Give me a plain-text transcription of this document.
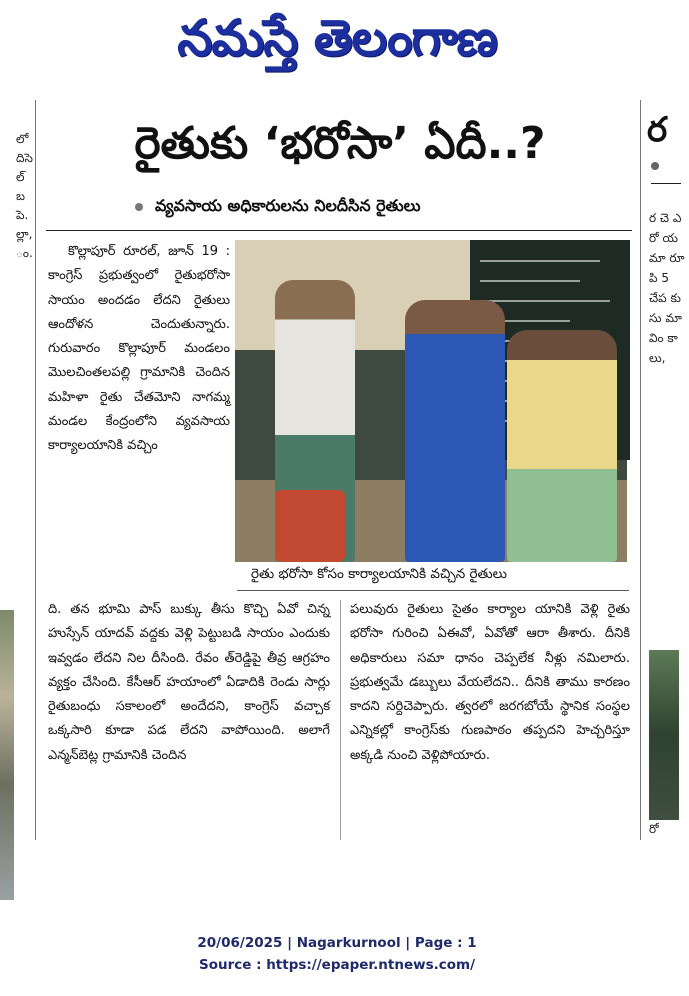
నమస్తే తెలంగాణ
లో దిసె ల్ బ పె. ల్లా, ం.
ర
ర చె ఎ రో య మా రూ పి 5 చేప కు సు మా విం కా లు,
రో
రైతుకు ‘భరోసా’ ఏదీ..?
వ్యవసాయ అధికారులను నిలదీసిన రైతులు

కొల్లాపూర్ రూరల్, జూన్ 19 : కాంగ్రెస్ ప్రభుత్వంలో రైతుభరోసా సాయం అందడం లేదని రైతులు ఆందోళన చెందుతున్నారు. గురువారం కొల్లాపూర్ మండలం మొలచింతలపల్లి గ్రామానికి చెందిన మహిళా రైతు చేతమోని నాగమ్మ మండల కేంద్రంలోని వ్యవసాయ కార్యాలయానికి వచ్చిం

రైతు భరోసా కోసం కార్యాలయానికి వచ్చిన రైతులు
ది. తన భూమి పాస్ బుక్కు తీసు కొచ్చి ఏవో చిన్న హుస్సేన్ యాదవ్ వద్దకు వెళ్లి పెట్టుబడి సాయం ఎందుకు ఇవ్వడం లేదని నిల దీసింది. రేవం త్‌రెడ్డిపై తీవ్ర ఆగ్రహం వ్యక్తం చేసింది. కేసీఆర్ హయాంలో ఏడాదికి రెండు సార్లు రైతుబంధు సకాలంలో అందేదని, కాంగ్రెస్ వచ్చాక ఒక్కసారి కూడా పడ లేదని వాపోయింది. అలాగే ఎన్మన్‌బెట్ల గ్రామానికి చెందిన
పలువురు రైతులు సైతం కార్యాల యానికి వెళ్లి రైతు భరోసా గురించి ఏఈవో, ఏవోతో ఆరా తీశారు. దీనికి అధికారులు సమా ధానం చెప్పలేక నీళ్లు నమిలారు. ప్రభుత్వమే డబ్బులు వేయలేదని.. దీనికి తాము కారణం కాదని సర్దిచెప్పారు. త్వరలో జరగబోయే స్థానిక సంస్థల ఎన్నికల్లో కాంగ్రెస్‌కు గుణపాఠం తప్పదని హెచ్చరిస్తూ అక్కడి నుంచి వెళ్లిపోయారు.
20/06/2025 | Nagarkurnool | Page : 1
Source : https://epaper.ntnews.com/
